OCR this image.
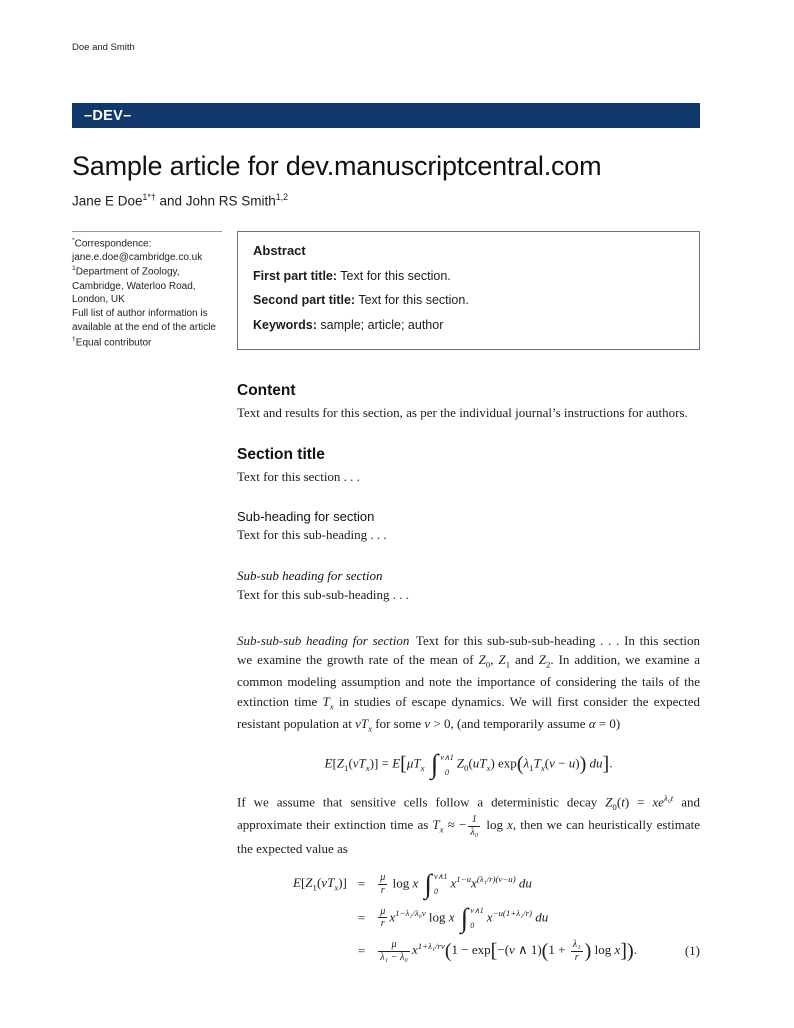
Doe and Smith
–DEV–
Sample article for dev.manuscriptcentral.com
Jane E Doe$^{1*\dagger}$ and John RS Smith$^{1,2}$
*Correspondence:
jane.e.doe@cambridge.co.uk
$^1$Department of Zoology,
Cambridge, Waterloo Road,
London, UK
Full list of author information is
available at the end of the article
†Equal contributor
Abstract
First part title: Text for this section.
Second part title: Text for this section.
Keywords: sample; article; author
Content

Text and results for this section, as per the individual journal’s instructions for authors.

Section title

Text for this section . . .

Sub-heading for section

Text for this sub-heading . . .

Sub-sub heading for section

Text for this sub-sub-heading . . .

Sub-sub-sub heading for section Text for this sub-sub-sub-heading . . . In this section we examine the growth rate of the mean of $Z_0$, $Z_1$ and $Z_2$. In addition, we examine a common modeling assumption and note the importance of considering the tails of the extinction time $T_x$ in studies of escape dynamics. We will first consider the expected resistant population at $vT_x$ for some v > 0, (and temporarily assume α = 0)

$E[Z_1(vT_x)] = E[\mu T_x$ ∫ v∧1
0
$Z_0(uT_x) \exp(\lambda_1T_x(v - u))$ du].

If we assume that sensitive cells follow a deterministic decay $Z_0(t) = xe^{\lambda_0t}$ and approximate their extinction time as $T_x$ ≈ − $\frac{1}{\text{λ₀}}$ log x, then we can heuristically estimate the expected value as

$E[Z_1(vT_x)]$ =	$\frac{\mu}{r}$ log x ∫ v∧1
0
$x^{1-u}x^{(\lambda_1/r)(v-u)}$ du
=	$\frac{\mu}{r} x^{1-\lambda_1/\lambda_0v}$ log x ∫ v∧1
0
$x^{-u(1+\lambda_1/r)}$ du
=	$\frac{\mu}{\text{λ₁ − λ₀}} x^{1+\lambda_1/rv}(1 - \exp[-(v$ ∧ $1)(1 + \frac{\text{λ₁}}{r}$ ) log x]).	(1)
